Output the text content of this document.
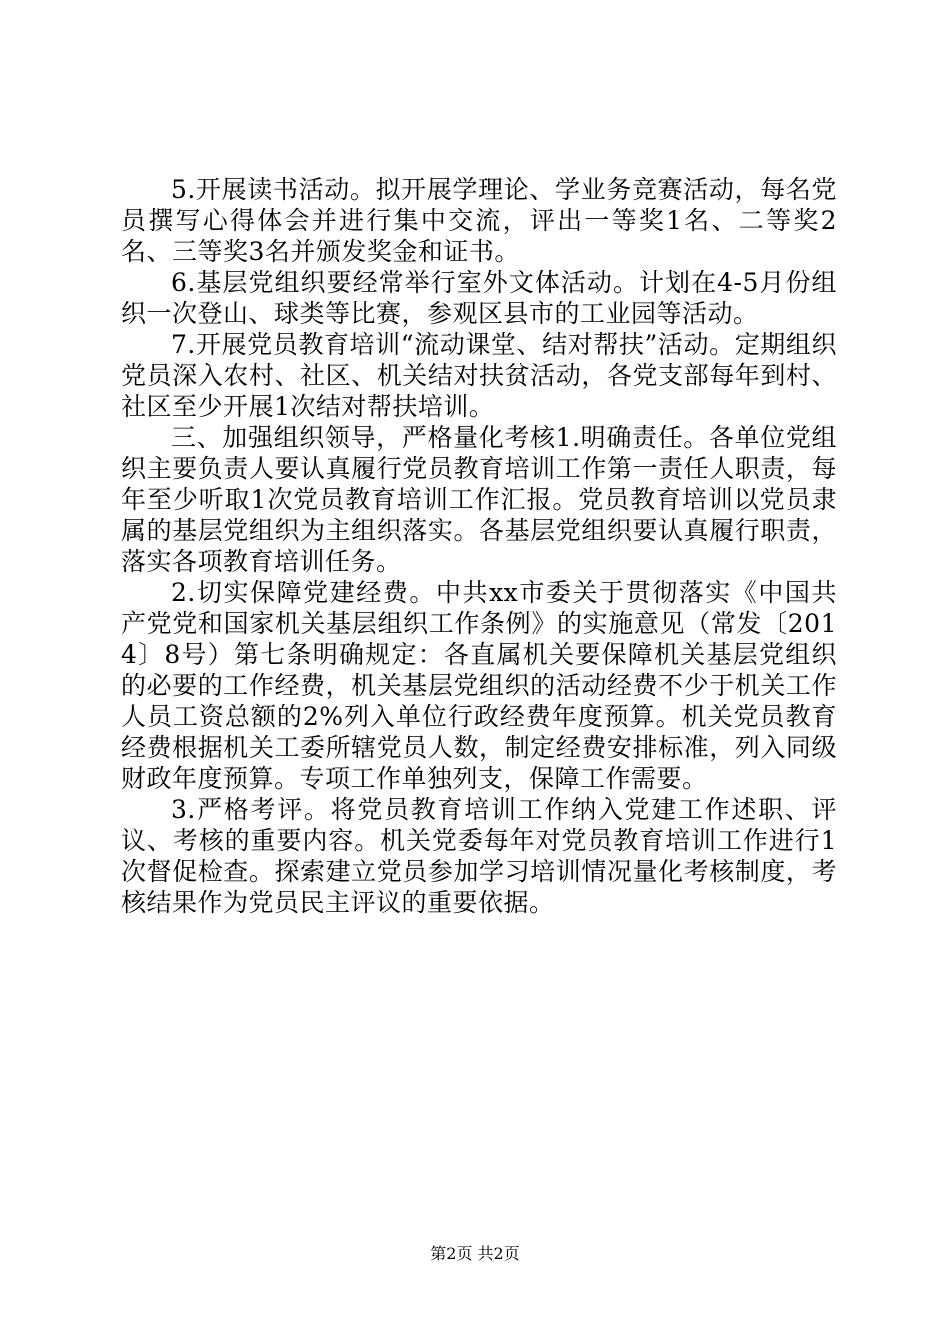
5.开展读书活动。拟开展学理论、学业务竞赛活动，每名党员撰写心得体会并进行集中交流，评出一等奖1名、二等奖2名、三等奖3名并颁发奖金和证书。

6.基层党组织要经常举行室外文体活动。计划在4-5月份组织一次登山、球类等比赛，参观区县市的工业园等活动。

7.开展党员教育培训“流动课堂、结对帮扶”活动。定期组织党员深入农村、社区、机关结对扶贫活动，各党支部每年到村、社区至少开展1次结对帮扶培训。

三、加强组织领导，严格量化考核1.明确责任。各单位党组织主要负责人要认真履行党员教育培训工作第一责任人职责，每年至少听取1次党员教育培训工作汇报。党员教育培训以党员隶属的基层党组织为主组织落实。各基层党组织要认真履行职责，落实各项教育培训任务。

2.切实保障党建经费。中共xx市委关于贯彻落实《中国共产党党和国家机关基层组织工作条例》的实施意见（常发〔2014〕8号）第七条明确规定：各直属机关要保障机关基层党组织的必要的工作经费，机关基层党组织的活动经费不少于机关工作人员工资总额的2%列入单位行政经费年度预算。机关党员教育经费根据机关工委所辖党员人数，制定经费安排标准，列入同级财政年度预算。专项工作单独列支，保障工作需要。

3.严格考评。将党员教育培训工作纳入党建工作述职、评议、考核的重要内容。机关党委每年对党员教育培训工作进行1次督促检查。探索建立党员参加学习培训情况量化考核制度，考核结果作为党员民主评议的重要依据。

第2页 共2页
